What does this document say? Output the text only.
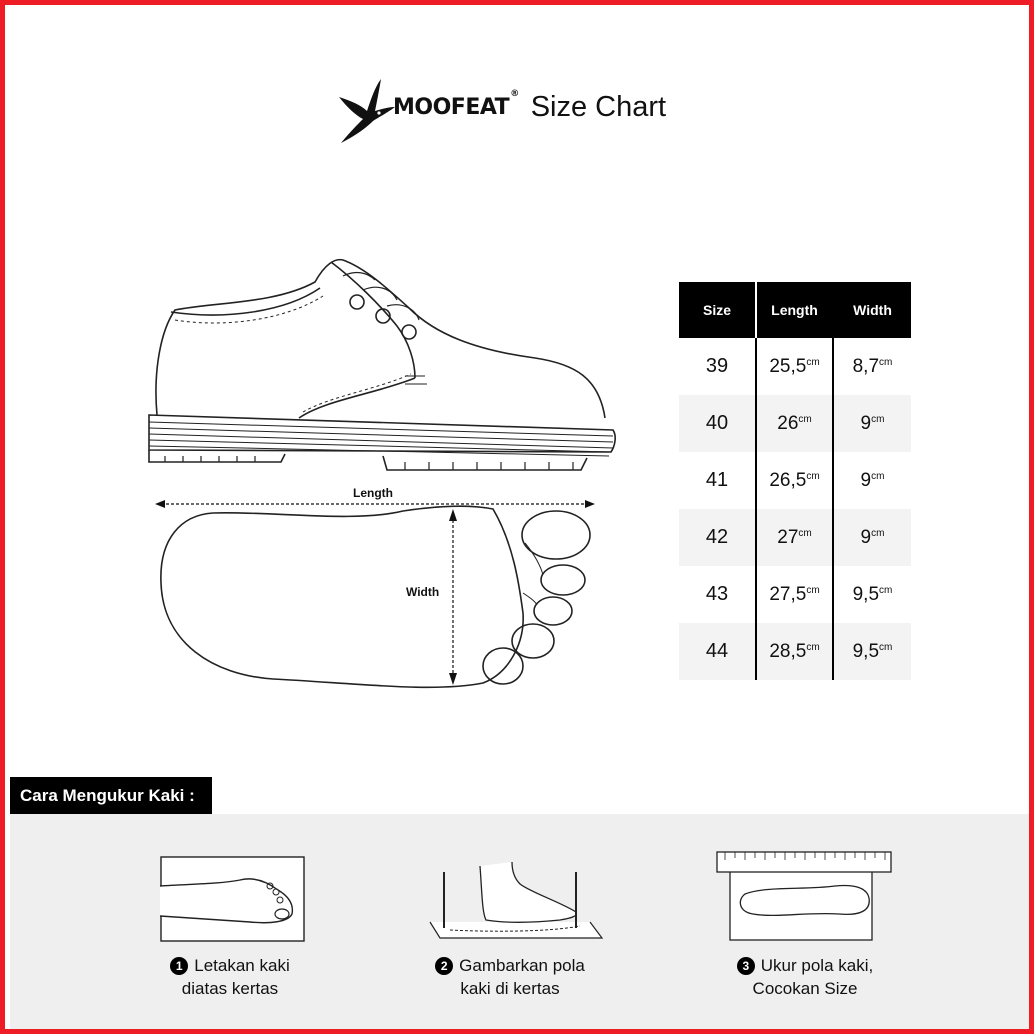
MOOFEAT® Size Chart
Length
Width
Size	Length	Width
39	$25,5^{cm}$	$8,7^{cm}$
40	$26^{cm}$	$9^{cm}$
41	$26,5^{cm}$	$9^{cm}$
42	$27^{cm}$	$9^{cm}$
43	$27,5^{cm}$	$9,5^{cm}$
44	$28,5^{cm}$	$9,5^{cm}$
Cara Mengukur Kaki :
1 Letakan kaki
diatas kertas
2 Gambarkan pola
kaki di kertas
3 Ukur pola kaki,
Cocokan Size
